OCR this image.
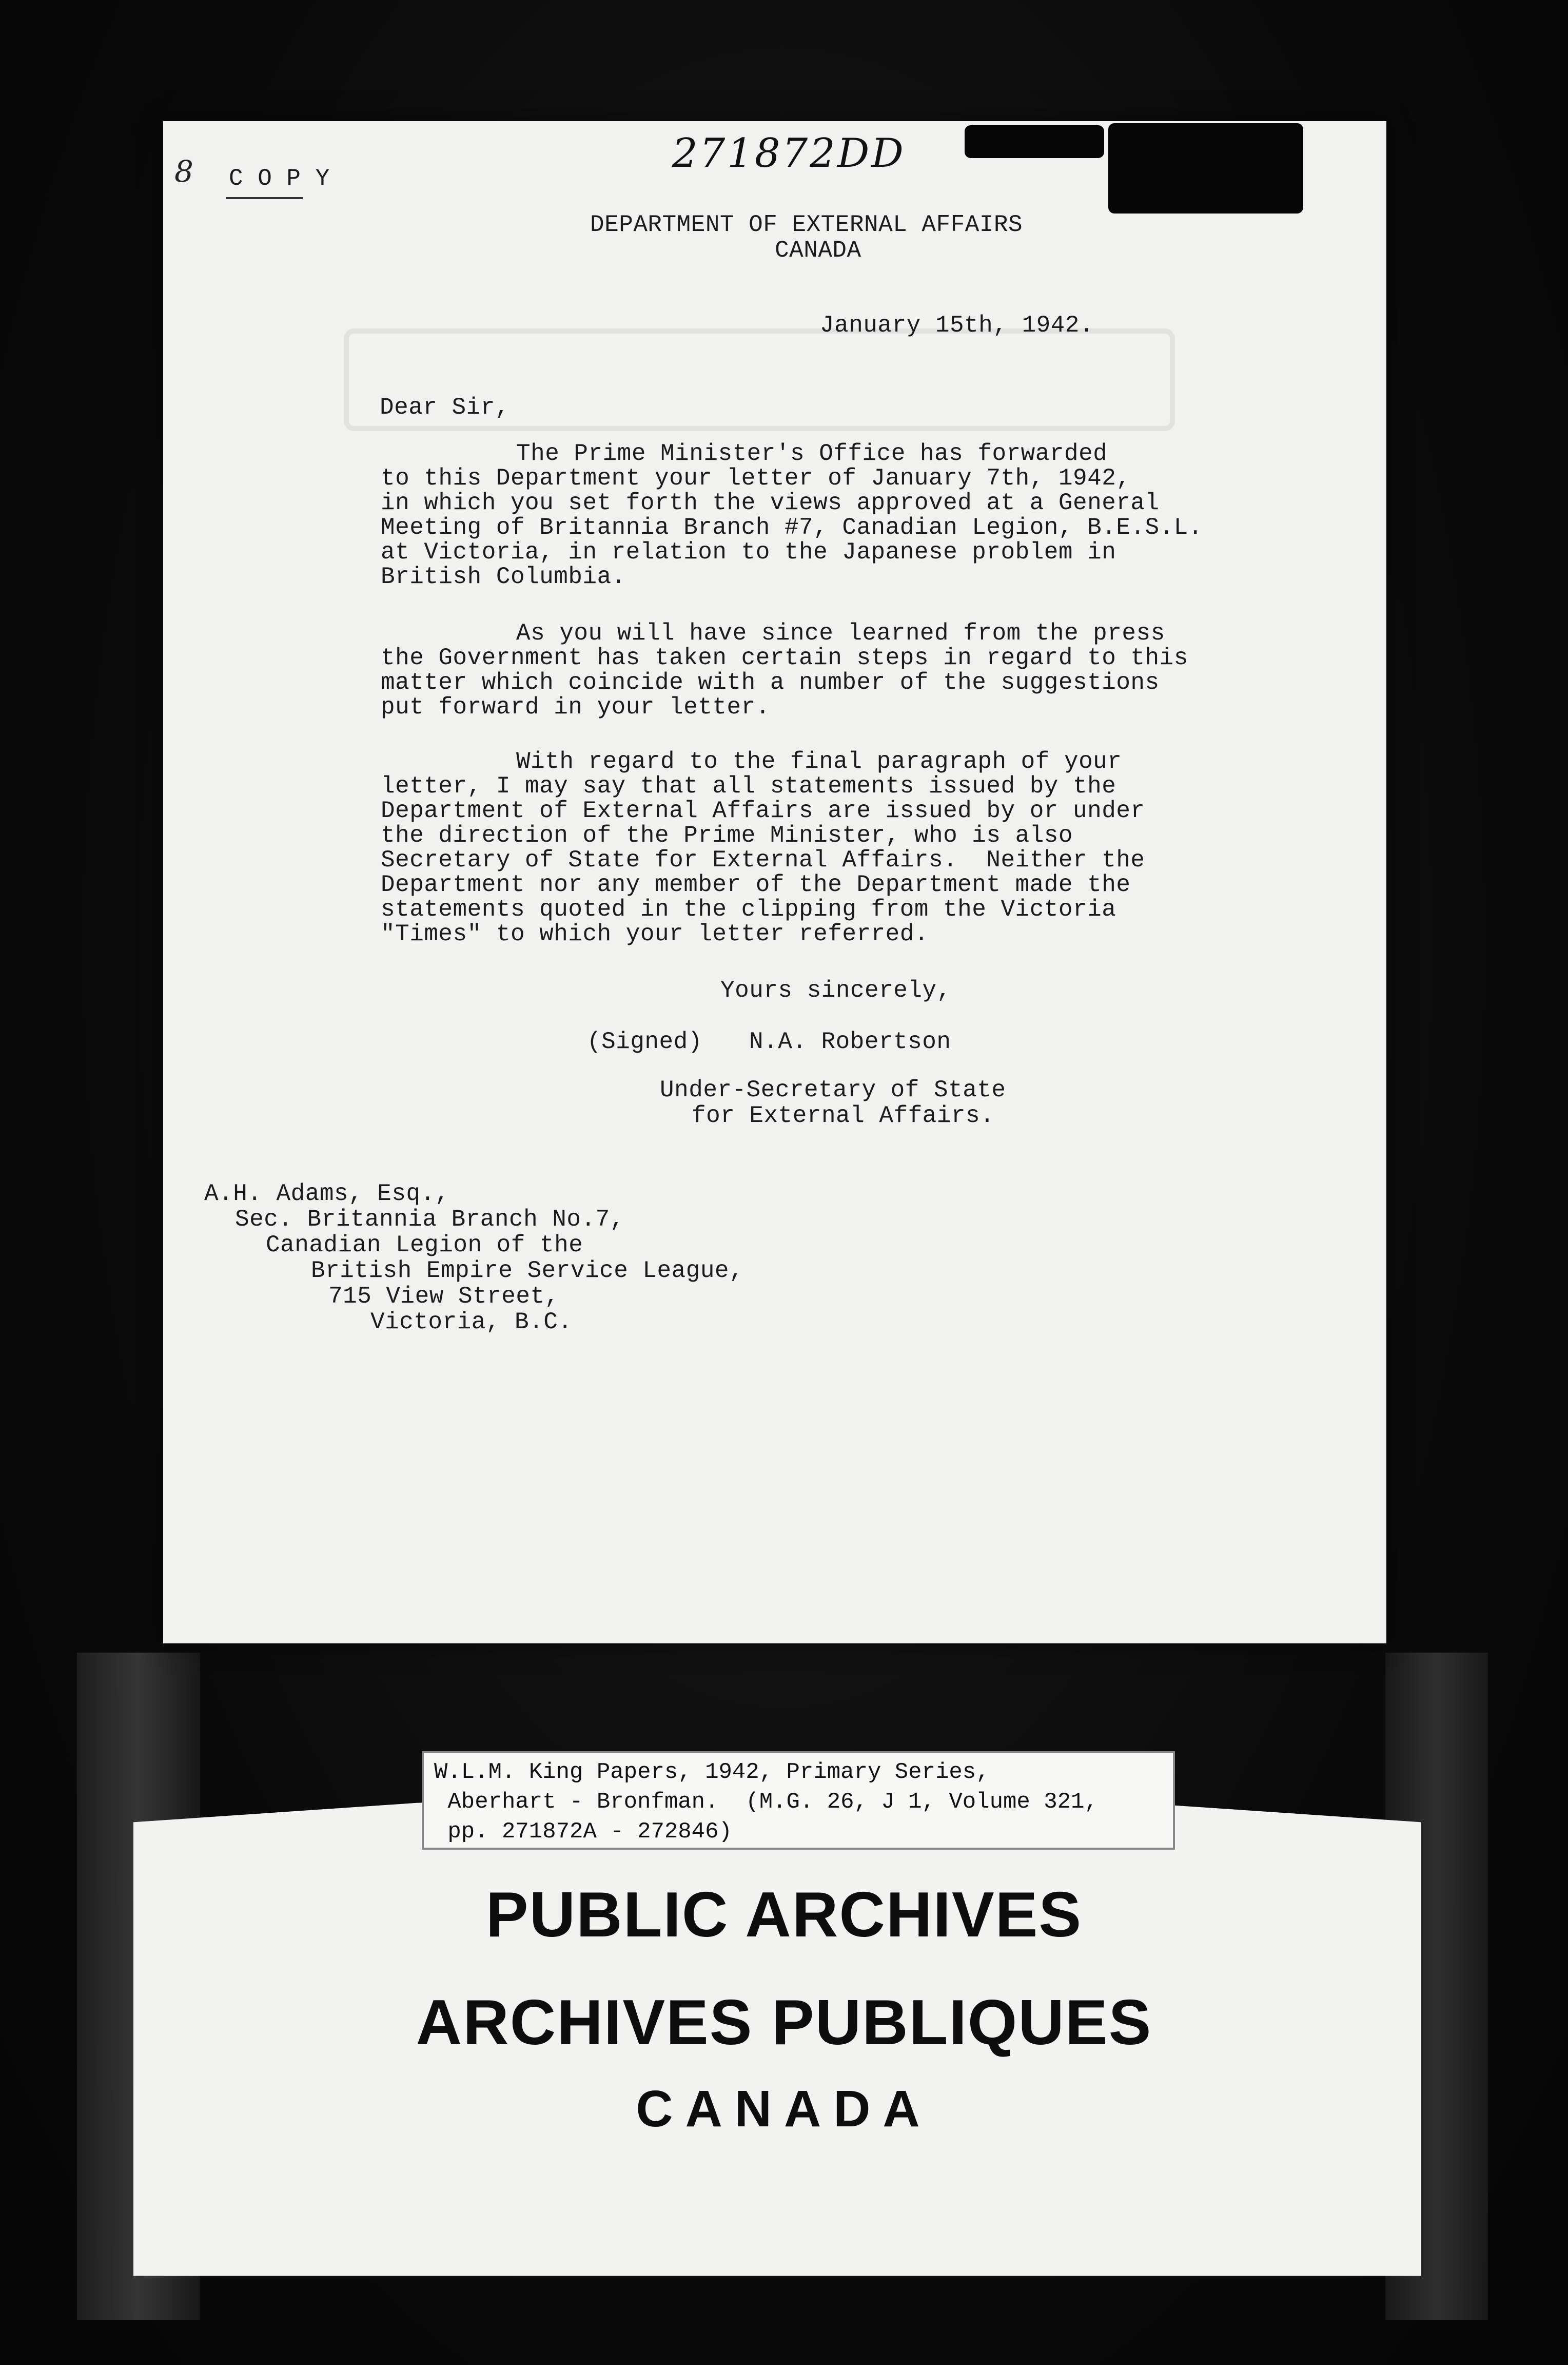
271872DD
8 C O P Y
DEPARTMENT OF EXTERNAL AFFAIRS
CANADA
January 15th, 1942.
Dear Sir,
The Prime Minister's Office has forwarded
to this Department your letter of January 7th, 1942,
in which you set forth the views approved at a General
Meeting of Britannia Branch #7, Canadian Legion, B.E.S.L.
at Victoria, in relation to the Japanese problem in
British Columbia.
As you will have since learned from the press
the Government has taken certain steps in regard to this
matter which coincide with a number of the suggestions
put forward in your letter.
With regard to the final paragraph of your
letter, I may say that all statements issued by the
Department of External Affairs are issued by or under
the direction of the Prime Minister, who is also
Secretary of State for External Affairs.  Neither the
Department nor any member of the Department made the
statements quoted in the clipping from the Victoria
"Times" to which your letter referred.
Yours sincerely,
(Signed) N.A. Robertson
Under-Secretary of State
for External Affairs.
A.H. Adams, Esq.,
Sec. Britannia Branch No.7,
Canadian Legion of the
British Empire Service League,
715 View Street,
Victoria, B.C.
W.L.M. King Papers, 1942, Primary Series,
Aberhart - Bronfman.  (M.G. 26, J 1, Volume 321,
pp. 271872A - 272846)
PUBLIC ARCHIVES
ARCHIVES PUBLIQUES
CANADA
